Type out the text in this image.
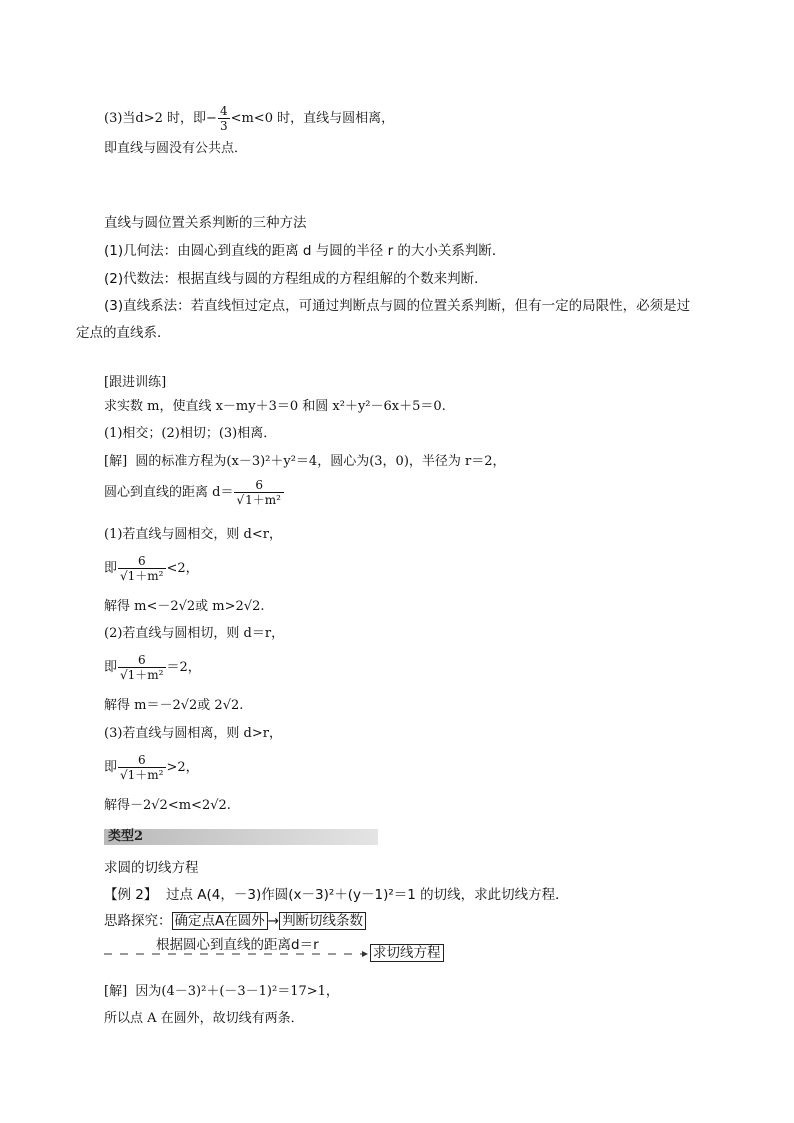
(3)当d>2 时，即− $\frac{4}{3} <m<0$ 时，直线与圆相离，
即直线与圆没有公共点．
直线与圆位置关系判断的三种方法
(1)几何法：由圆心到直线的距离 d 与圆的半径 r 的大小关系判断．
(2)代数法：根据直线与圆的方程组成的方程组解的个数来判断．
(3)直线系法：若直线恒过定点，可通过判断点与圆的位置关系判断，但有一定的局限性，必须是过
定点的直线系．
[跟进训练]
求实数 m，使直线 x－my＋3＝0 和圆 x²＋y²－6x＋5＝0.
(1)相交；(2)相切；(3)相离．
[解] 圆的标准方程为(x－3)²＋y²＝4，圆心为(3，0)，半径为 r＝2，
圆心到直线的距离 $d= \frac{6}{\text{√1＋m²}}$
(1)若直线与圆相交，则 d<r，
即 $\frac{6}{\text{√1＋m²}} <2$，
解得 m<－2√2或 m>2√2.
(2)若直线与圆相切，则 d＝r，
即 $\frac{6}{\text{√1＋m²}} =2$，
解得 m＝－2√2或 2√2.
(3)若直线与圆相离，则 d>r，
即 $\frac{6}{\text{√1＋m²}} >2$，
解得－2√2<m<2√2.
类型2
求圆的切线方程
【例 2】 过点 A(4，－3)作圆(x－3)²＋(y－1)²＝1 的切线，求此切线方程．
思路探究： 确定点A在圆外 → 判断切线条数
根据圆心到直线的距离d＝r	求切线方程
[解] 因为(4－3)²＋(－3－1)²＝17>1，
所以点 A 在圆外，故切线有两条．
